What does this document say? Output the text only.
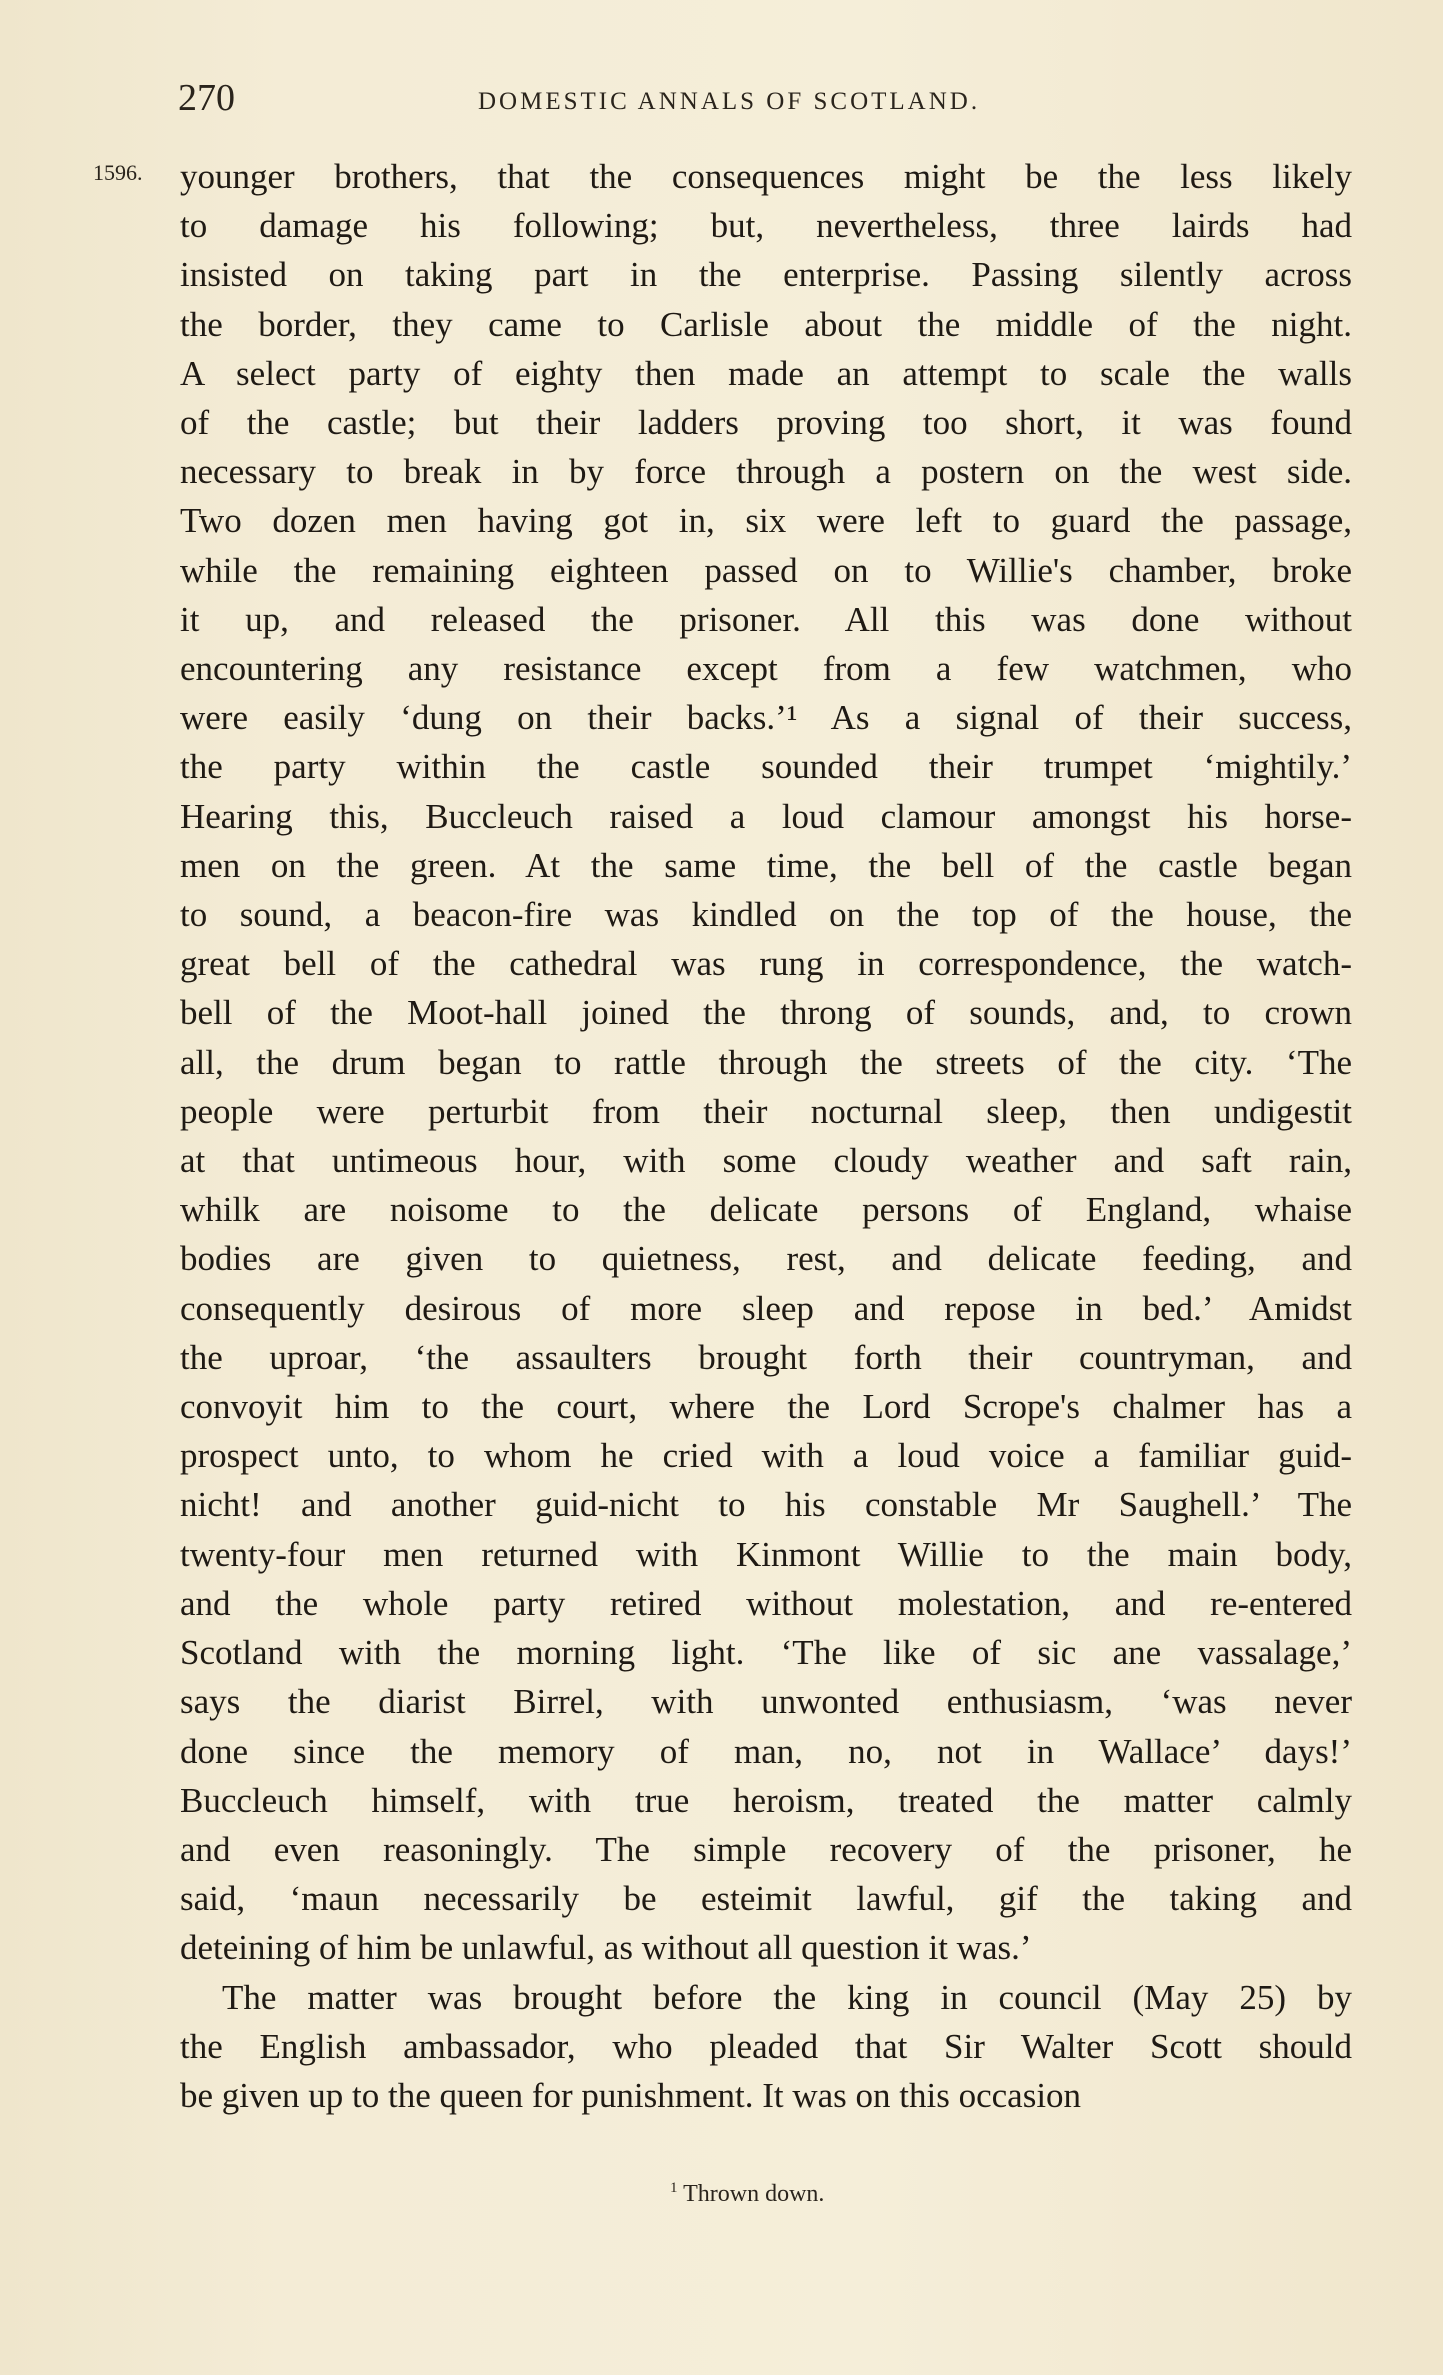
270	DOMESTIC ANNALS OF SCOTLAND.
1596. younger brothers, that the consequences might be the less likely
to damage his following; but, nevertheless, three lairds had
insisted on taking part in the enterprise. Passing silently across
the border, they came to Carlisle about the middle of the night.
A select party of eighty then made an attempt to scale the walls
of the castle; but their ladders proving too short, it was found
necessary to break in by force through a postern on the west side.
Two dozen men having got in, six were left to guard the passage,
while the remaining eighteen passed on to Willie's chamber, broke
it up, and released the prisoner. All this was done without
encountering any resistance except from a few watchmen, who
were easily ‘dung on their backs.’¹ As a signal of their success,
the party within the castle sounded their trumpet ‘mightily.’
Hearing this, Buccleuch raised a loud clamour amongst his horse-
men on the green. At the same time, the bell of the castle began
to sound, a beacon-fire was kindled on the top of the house, the
great bell of the cathedral was rung in correspondence, the watch-
bell of the Moot-hall joined the throng of sounds, and, to crown
all, the drum began to rattle through the streets of the city. ‘The
people were perturbit from their nocturnal sleep, then undigestit
at that untimeous hour, with some cloudy weather and saft rain,
whilk are noisome to the delicate persons of England, whaise
bodies are given to quietness, rest, and delicate feeding, and
consequently desirous of more sleep and repose in bed.’ Amidst
the uproar, ‘the assaulters brought forth their countryman, and
convoyit him to the court, where the Lord Scrope's chalmer has a
prospect unto, to whom he cried with a loud voice a familiar guid-
nicht! and another guid-nicht to his constable Mr Saughell.’ The
twenty-four men returned with Kinmont Willie to the main body,
and the whole party retired without molestation, and re-entered
Scotland with the morning light. ‘The like of sic ane vassalage,’
says the diarist Birrel, with unwonted enthusiasm, ‘was never
done since the memory of man, no, not in Wallace’ days!’
Buccleuch himself, with true heroism, treated the matter calmly
and even reasoningly. The simple recovery of the prisoner, he
said, ‘maun necessarily be esteimit lawful, gif the taking and
deteining of him be unlawful, as without all question it was.’
The matter was brought before the king in council (May 25) by
the English ambassador, who pleaded that Sir Walter Scott should
be given up to the queen for punishment. It was on this occasion
$^1$ Thrown down.
